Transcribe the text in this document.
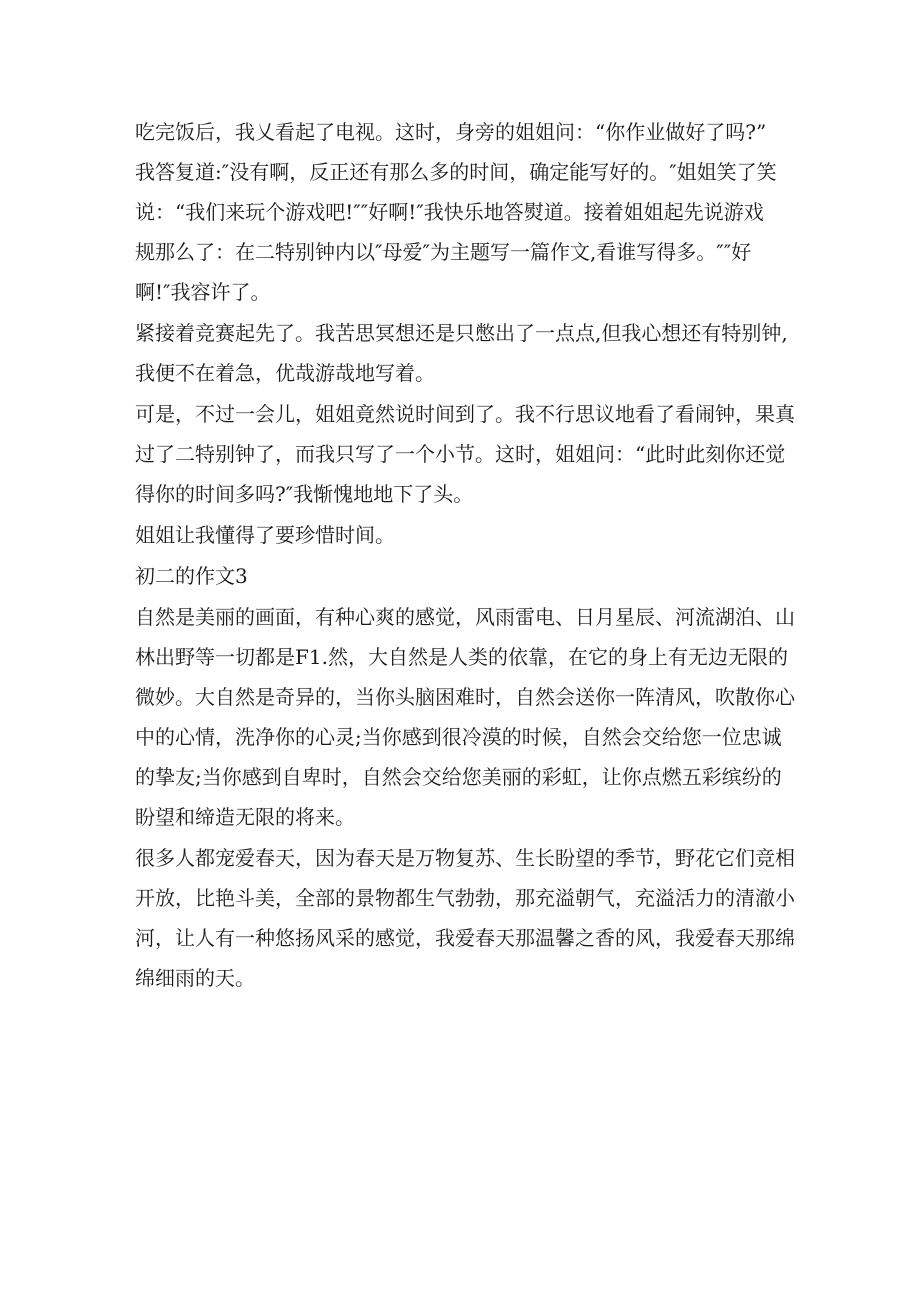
吃完饭后，我乂看起了电视。这时，身旁的姐姐问：“你作业做好了吗?”
我答复道:″没有啊，反正还有那么多的时间，确定能写好的。″姐姐笑了笑
说：“我们来玩个游戏吧!″″好啊!″我快乐地答熨道。接着姐姐起先说游戏
规那么了：在二特别钟内以″母爱″为主题写一篇作文,看谁写得多。″″好
啊!″我容许了。
紧接着竞赛起先了。我苦思冥想还是只憋出了一点点,但我心想还有特别钟,
我便不在着急，优哉游哉地写着。
可是，不过一会儿，姐姐竟然说时间到了。我不行思议地看了看闹钟，果真
过了二特别钟了，而我只写了一个小节。这时，姐姐问：“此时此刻你还觉
得你的时间多吗?″我惭愧地地下了头。
姐姐让我懂得了要珍惜时间。
初二的作文3
自然是美丽的画面，有种心爽的感觉，风雨雷电、日月星辰、河流湖泊、山
林出野等一切都是F1.然，大自然是人类的依靠，在它的身上有无边无限的
微妙。大自然是奇异的，当你头脑困难时，自然会送你一阵清风，吹散你心
中的心情，洗净你的心灵;当你感到很冷漠的时候，自然会交给您一位忠诚
的挚友;当你感到自卑时，自然会交给您美丽的彩虹，让你点燃五彩缤纷的
盼望和缔造无限的将来。
很多人都宠爱春天，因为春天是万物复苏、生长盼望的季节，野花它们竞相
开放，比艳斗美，全部的景物都生气勃勃，那充溢朝气，充溢活力的清澈小
河，让人有一种悠扬风采的感觉，我爱春天那温馨之香的风，我爱春天那绵
绵细雨的天。
